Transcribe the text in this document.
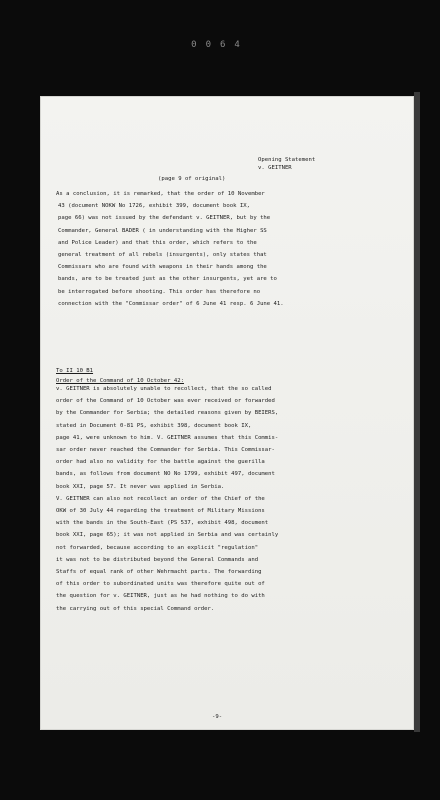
0064
Opening Statement
v. GEITNER
(page 9 of original)
As a conclusion, it is remarked, that the order of 10 November
43 (document NOKW No 1726, exhibit 399, document book IX,
page 66) was not issued by the defendant v. GEITNER, but by the
Commander, General BADER ( in understanding with the Higher SS
and Police Leader) and that this order, which refers to the
general treatment of all rebels (insurgents), only states that
Commissars who are found with weapons in their hands among the
bands, are to be treated just as the other insurgents, yet are to
be interrogated before shooting. This order has therefore no
connection with the "Commissar order" of 6 June 41 resp. 6 June 41.
To II 10 B1
Order of the Command of 10 October 42:
v. GEITNER is absolutely unable to recollect, that the so called
order of the Command of 10 October was ever received or forwarded
by the Commander for Serbia; the detailed reasons given by BEIERS,
stated in Document 0-81 PS, exhibit 398, document book IX,
page 41, were unknown to him. V. GEITNER assumes that this Commis-
sar order never reached the Commander for Serbia. This Commissar-
order had also no validity for the battle against the guerilla
bands, as follows from document NO No 1799, exhibit 497, document
book XXI, page 57. It never was applied in Serbia.
V. GEITNER can also not recollect an order of the Chief of the
OKW of 30 July 44 regarding the treatment of Military Missions
with the bands in the South-East (PS 537, exhibit 498, document
book XXI, page 65); it was not applied in Serbia and was certainly
not forwarded, because according to an explicit "regulation"
it was not to be distributed beyond the General Commands and
Staffs of equal rank of other Wehrmacht parts. The forwarding
of this order to subordinated units was therefore quite out of
the question for v. GEITNER, just as he had nothing to do with
the carrying out of this special Command order.
-9-
